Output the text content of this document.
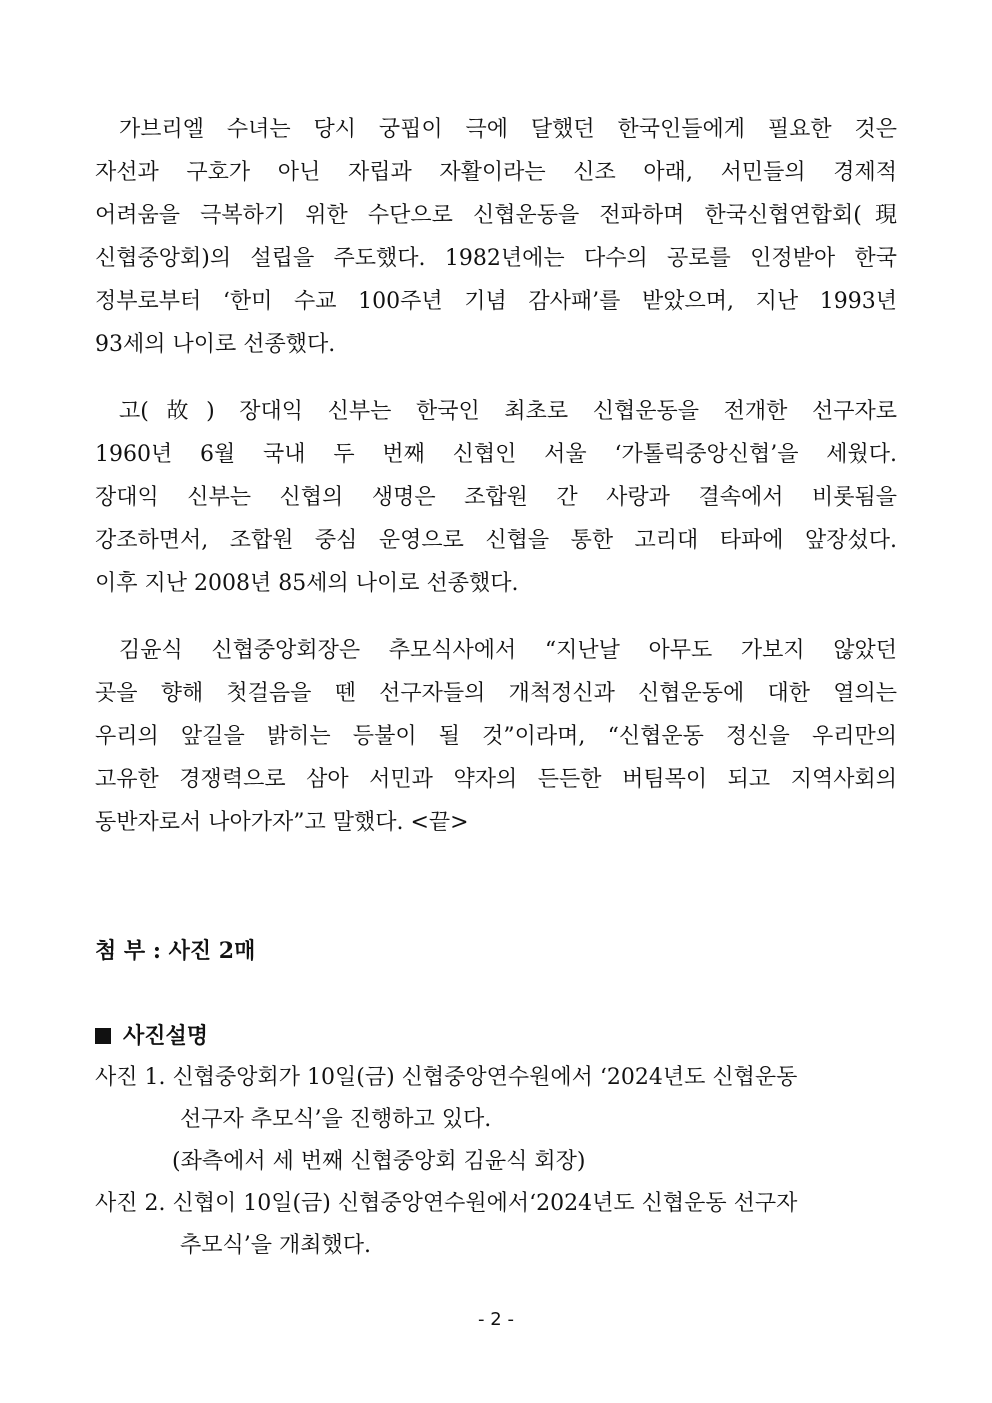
가브리엘 수녀는 당시 궁핍이 극에 달했던 한국인들에게 필요한 것은
자선과 구호가 아닌 자립과 자활이라는 신조 아래, 서민들의 경제적
어려움을 극복하기 위한 수단으로 신협운동을 전파하며 한국신협연합회(現
신협중앙회)의 설립을 주도했다. 1982년에는 다수의 공로를 인정받아 한국
정부로부터 ‘한미 수교 100주년 기념 감사패’를 받았으며, 지난 1993년
93세의 나이로 선종했다.
고(故) 장대익 신부는 한국인 최초로 신협운동을 전개한 선구자로
1960년 6월 국내 두 번째 신협인 서울 ‘가톨릭중앙신협’을 세웠다.
장대익 신부는 신협의 생명은 조합원 간 사랑과 결속에서 비롯됨을
강조하면서, 조합원 중심 운영으로 신협을 통한 고리대 타파에 앞장섰다.
이후 지난 2008년 85세의 나이로 선종했다.
김윤식 신협중앙회장은 추모식사에서 “지난날 아무도 가보지 않았던
곳을 향해 첫걸음을 뗀 선구자들의 개척정신과 신협운동에 대한 열의는
우리의 앞길을 밝히는 등불이 될 것”이라며, “신협운동 정신을 우리만의
고유한 경쟁력으로 삼아 서민과 약자의 든든한 버팀목이 되고 지역사회의
동반자로서 나아가자”고 말했다. <끝>
첨 부 : 사진 2매
사진설명
사진 1. 신협중앙회가 10일(금) 신협중앙연수원에서 ‘2024년도 신협운동
선구자 추모식’을 진행하고 있다.
(좌측에서 세 번째 신협중앙회 김윤식 회장)
사진 2. 신협이 10일(금) 신협중앙연수원에서‘2024년도 신협운동 선구자
추모식’을 개최했다.
- 2 -
